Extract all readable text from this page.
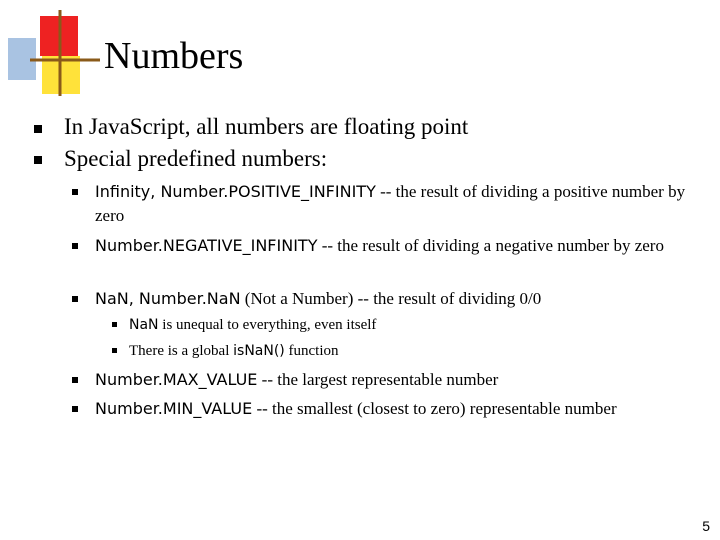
Numbers
In JavaScript, all numbers are floating point
Special predefined numbers:
Infinity, Number.POSITIVE_INFINITY -- the result of dividing a positive number by zero
Number.NEGATIVE_INFINITY -- the result of dividing a negative number by zero
NaN, Number.NaN (Not a Number) -- the result of dividing 0/0
NaN is unequal to everything, even itself
There is a global isNaN() function
Number.MAX_VALUE -- the largest representable number
Number.MIN_VALUE -- the smallest (closest to zero) representable number
5
